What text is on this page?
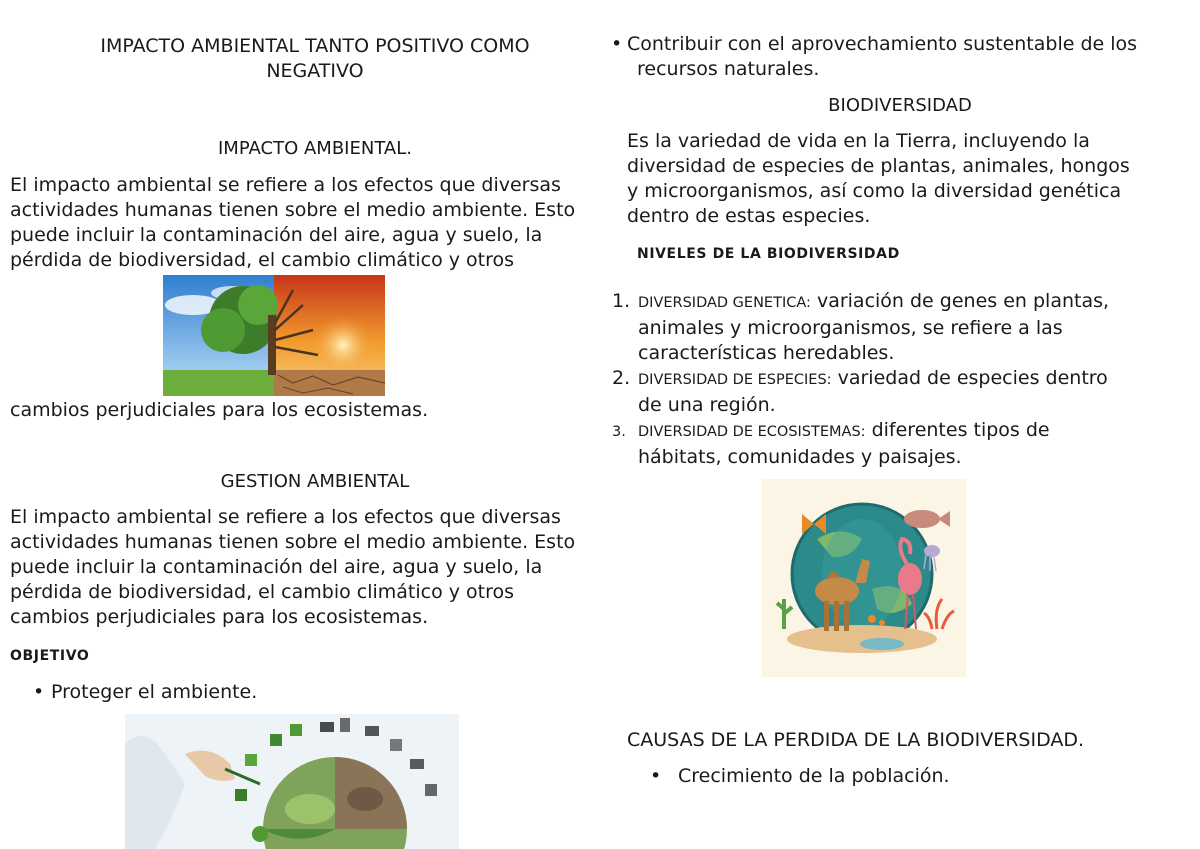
IMPACTO AMBIENTAL TANTO POSITIVO COMO
NEGATIVO
IMPACTO AMBIENTAL.
El impacto ambiental se refiere a los efectos que diversas
actividades humanas tienen sobre el medio ambiente. Esto
puede incluir la contaminación del aire, agua y suelo, la
pérdida de biodiversidad, el cambio climático y otros
cambios perjudiciales para los ecosistemas.
GESTION AMBIENTAL
El impacto ambiental se refiere a los efectos que diversas
actividades humanas tienen sobre el medio ambiente. Esto
puede incluir la contaminación del aire, agua y suelo, la
pérdida de biodiversidad, el cambio climático y otros
cambios perjudiciales para los ecosistemas.
OBJETIVO
• Proteger el ambiente.
• Contribuir con el aprovechamiento sustentable de los
recursos naturales.
BIODIVERSIDAD
Es la variedad de vida en la Tierra, incluyendo la
diversidad de especies de plantas, animales, hongos
y microorganismos, así como la diversidad genética
dentro de estas especies.
NIVELES DE LA BIODIVERSIDAD
1. DIVERSIDAD GENETICA: variación de genes en plantas,
animales y microorganismos, se refiere a las
características heredables.
2. DIVERSIDAD DE ESPECIES: variedad de especies dentro
de una región.
3. DIVERSIDAD DE ECOSISTEMAS: diferentes tipos de
hábitats, comunidades y paisajes.
CAUSAS DE LA PERDIDA DE LA BIODIVERSIDAD.
• Crecimiento de la población.
